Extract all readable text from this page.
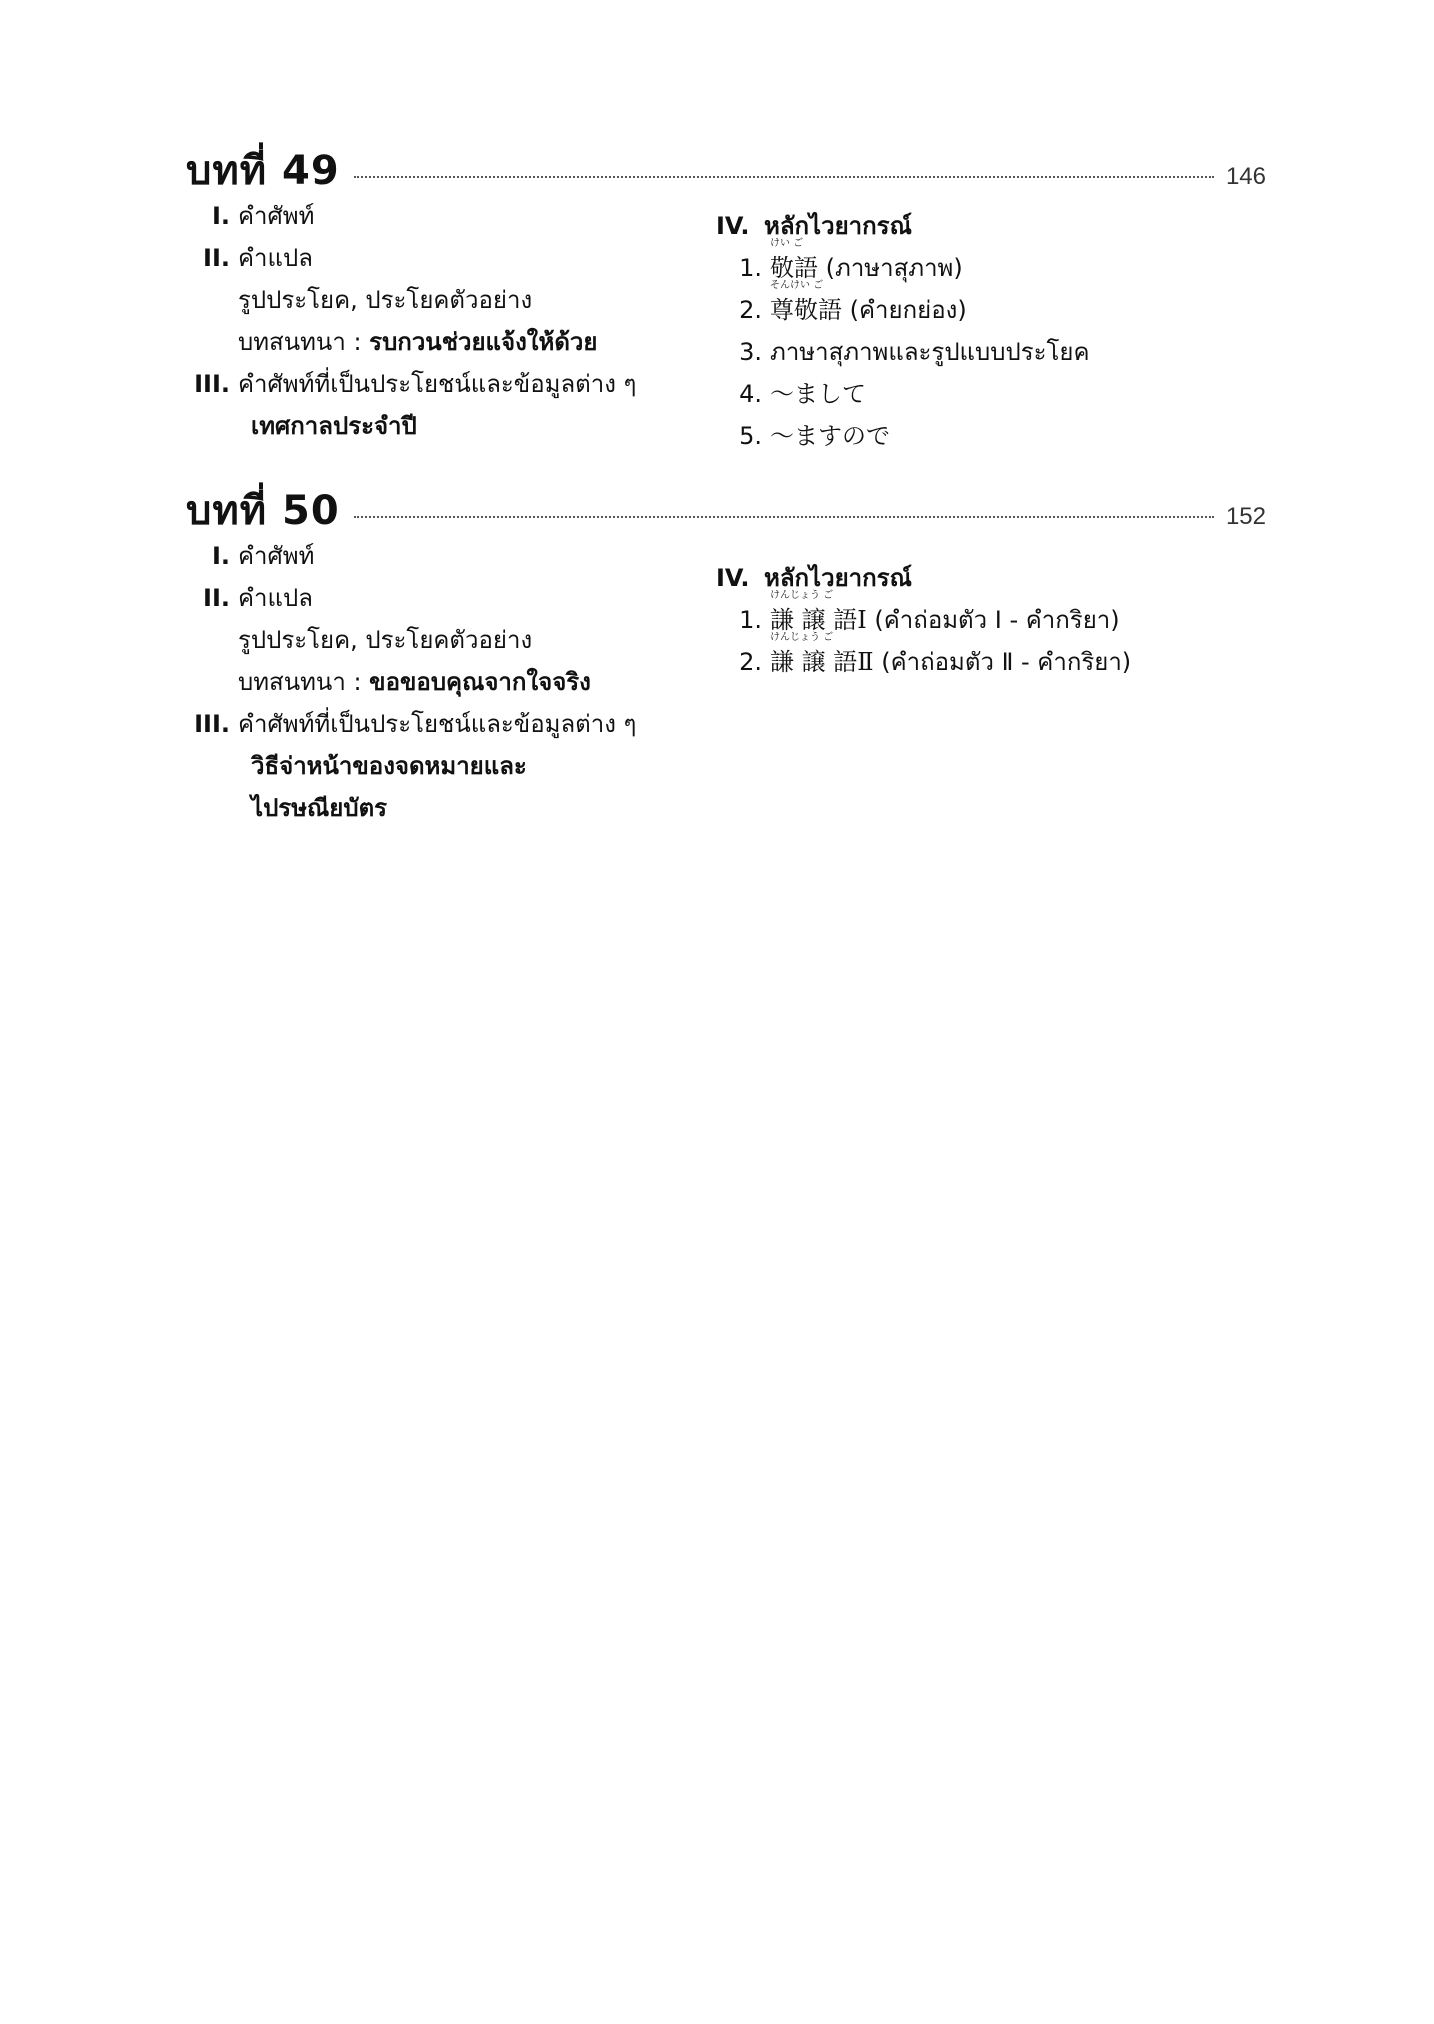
บทที่ 49	146
I. คำศัพท์
II. คำแปล
รูปประโยค, ประโยคตัวอย่าง
บทสนทนา : รบกวนช่วยแจ้งให้ด้วย
III. คำศัพท์ที่เป็นประโยชน์และข้อมูลต่าง ๆ
เทศกาลประจำปี
IV. หลักไวยากรณ์
1.
けい ご
敬語 (ภาษาสุภาพ)
2.
そんけい ご
尊敬語 (คำยกย่อง)
3. ภาษาสุภาพและรูปแบบประโยค
4. ～まして
5. ～ますので
บทที่ 50	152
I. คำศัพท์
II. คำแปล
รูปประโยค, ประโยคตัวอย่าง
บทสนทนา : ขอขอบคุณจากใจจริง
III. คำศัพท์ที่เป็นประโยชน์และข้อมูลต่าง ๆ
วิธีจ่าหน้าของจดหมายและ
ไปรษณียบัตร
IV. หลักไวยากรณ์
1.
けんじょう ご
謙 譲 語Ⅰ (คำถ่อมตัว Ⅰ - คำกริยา)
2.
けんじょう ご
謙 譲 語Ⅱ (คำถ่อมตัว Ⅱ - คำกริยา)
